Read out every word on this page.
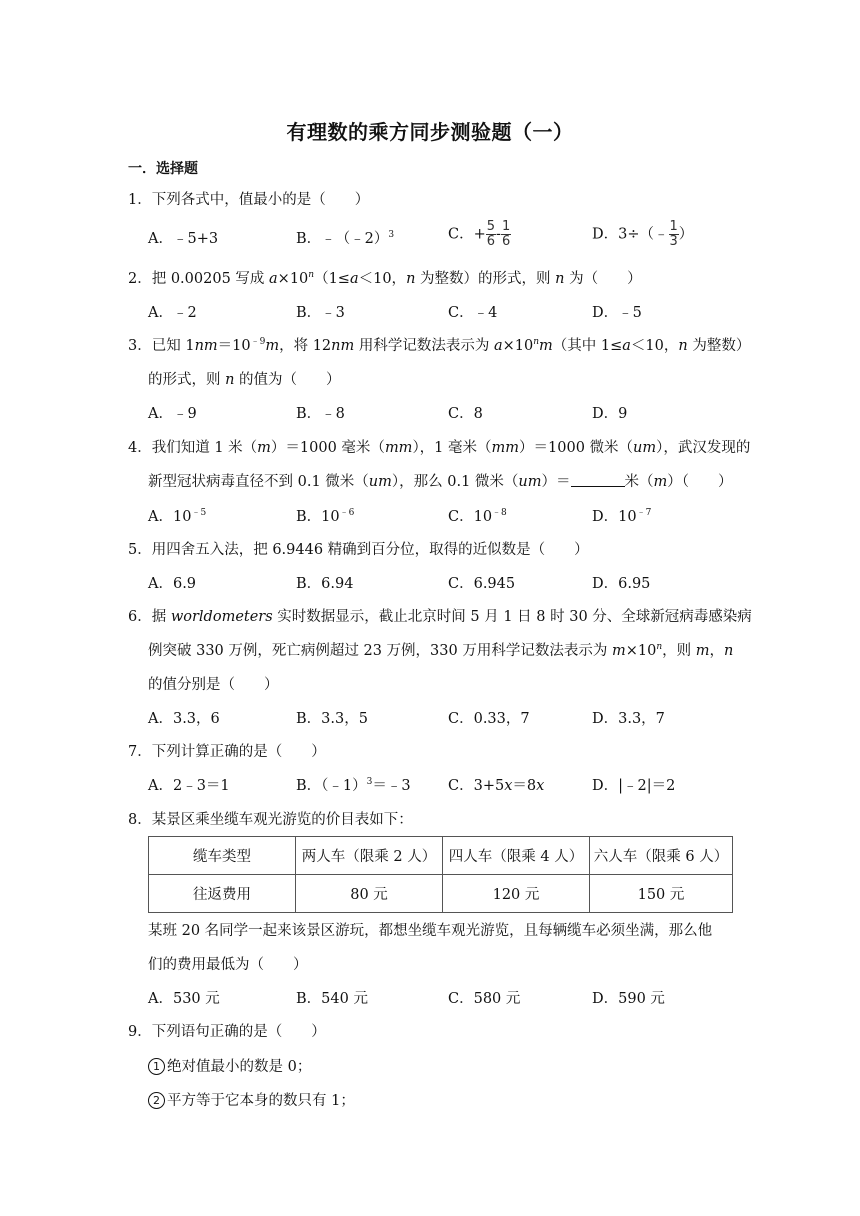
有理数的乘方同步测验题（一）
一．选择题
1．下列各式中，值最小的是（　　）
A．﹣5+3	B．﹣（﹣2）$^3$	C．+ $\frac{5}{6} - \frac{1}{6}$	D．3÷（﹣ $\frac{1}{3}$ ）
2．把 0.00205 写成 $a\times 10^n(1\le a<10$，n 为整数）的形式，则 n 为（　　）
A．﹣2	B．﹣3	C．﹣4	D．﹣5
3．已知 $1nm=10^{﹣9}m$，将 12nm 用科学记数法表示为 $a\times 10^nm$（其中 1≤a＜10，n 为整数）
的形式，则 n 的值为（　　）
A．﹣9	B．﹣8	C．8	D．9
4．我们知道 1 米（m）＝1000 毫米（mm），1 毫米（mm）＝1000 微米（um），武汉发现的
新型冠状病毒直径不到 0.1 微米（um），那么 0.1 微米（um）＝	米（m）（　　）
A．$10^{﹣5}$	B．$10^{﹣6}$	C．$10^{﹣8}$	D．$10^{﹣7}$
5．用四舍五入法，把 6.9446 精确到百分位，取得的近似数是（　　）
A．6.9	B．6.94	C．6.945	D．6.95
6．据 worldometers 实时数据显示，截止北京时间 5 月 1 日 8 时 30 分、全球新冠病毒感染病
例突破 330 万例，死亡病例超过 23 万例，330 万用科学记数法表示为 $m\times 10^n$，则 m，n
的值分别是（　　）
A．3.3，6	B．3.3，5	C．0.33，7	D．3.3，7
7．下列计算正确的是（　　）
A．2﹣3＝1	B．（﹣1）$^3$＝﹣3	C．3+5x＝8x	D．|﹣2|＝2
8．某景区乘坐缆车观光游览的价目表如下：
缆车类型	两人车（限乘 2 人）	四人车（限乘 4 人）	六人车（限乘 6 人）
往返费用	80 元	120 元	150 元
某班 20 名同学一起来该景区游玩，都想坐缆车观光游览，且每辆缆车必须坐满，那么他
们的费用最低为（　　）
A．530 元	B．540 元	C．580 元	D．590 元
9．下列语句正确的是（　　）
1 绝对值最小的数是 0；
2 平方等于它本身的数只有 1；
